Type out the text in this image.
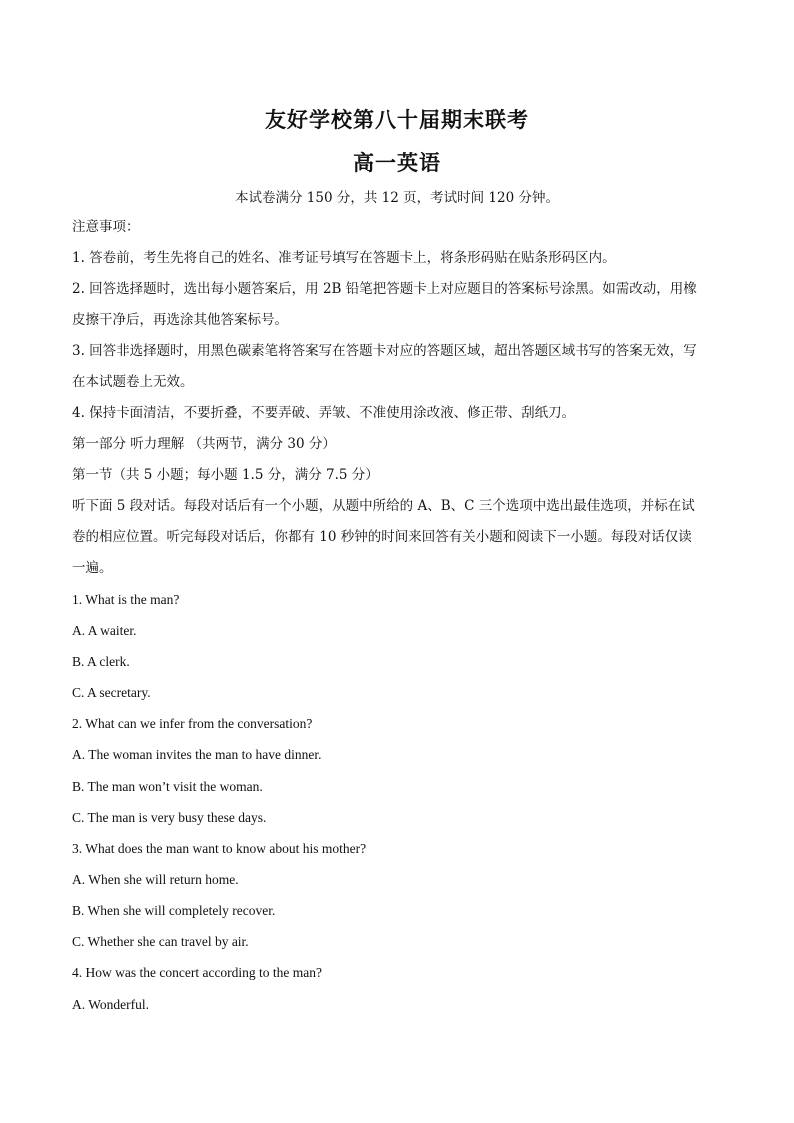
友好学校第八十届期末联考
高一英语
本试卷满分 150 分，共 12 页，考试时间 120 分钟。
注意事项：
1. 答卷前，考生先将自己的姓名、准考证号填写在答题卡上，将条形码贴在贴条形码区内。
2. 回答选择题时，选出每小题答案后，用 2B 铅笔把答题卡上对应题目的答案标号涂黑。如需改动，用橡
皮擦干净后，再选涂其他答案标号。
3. 回答非选择题时，用黑色碳素笔将答案写在答题卡对应的答题区域，超出答题区域书写的答案无效，写
在本试题卷上无效。
4. 保持卡面清洁，不要折叠，不要弄破、弄皱、不准使用涂改液、修正带、刮纸刀。
第一部分 听力理解 （共两节，满分 30 分）
第一节（共 5 小题；每小题 1.5 分，满分 7.5 分）
听下面 5 段对话。每段对话后有一个小题，从题中所给的 A、B、C 三个选项中选出最佳选项，并标在试
卷的相应位置。听完每段对话后，你都有 10 秒钟的时间来回答有关小题和阅读下一小题。每段对话仅读
一遍。
1. What is the man?
A. A waiter.
B. A clerk.
C. A secretary.
2. What can we infer from the conversation?
A. The woman invites the man to have dinner.
B. The man won’t visit the woman.
C. The man is very busy these days.
3. What does the man want to know about his mother?
A. When she will return home.
B. When she will completely recover.
C. Whether she can travel by air.
4. How was the concert according to the man?
A. Wonderful.
